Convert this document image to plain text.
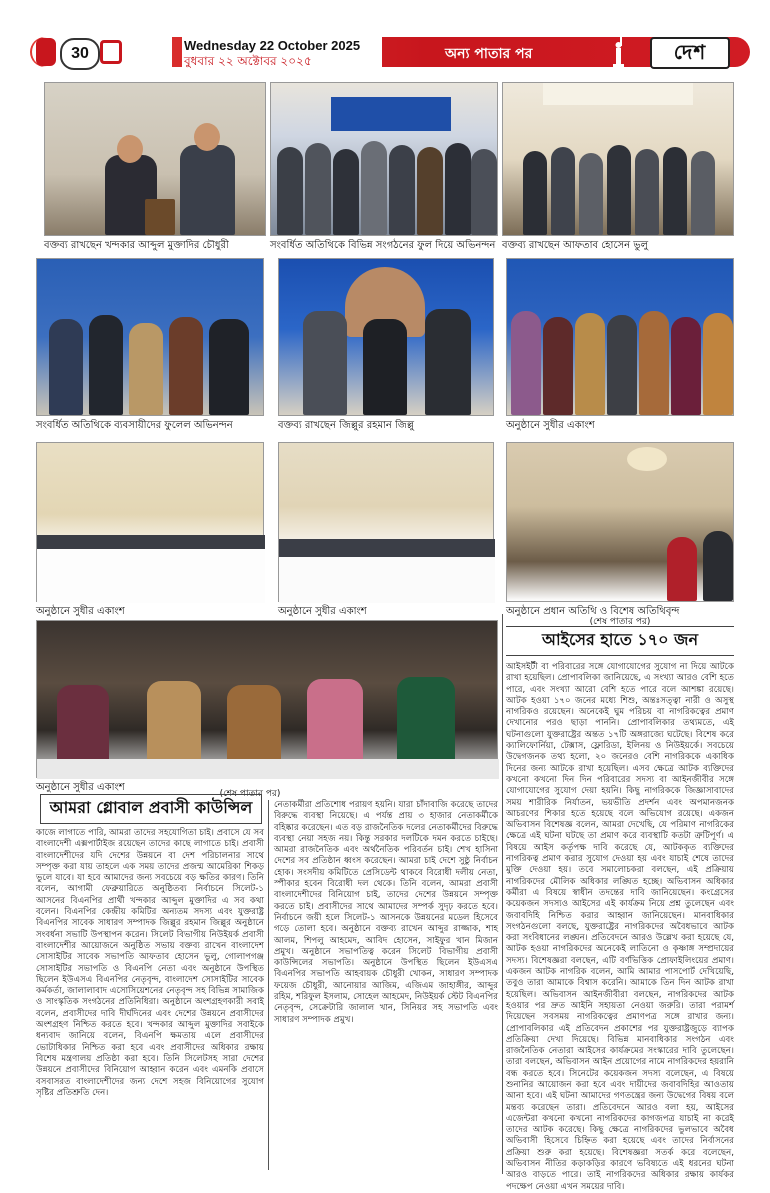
30	Wednesday 22 October 2025
বুধবার ২২ অক্টোবর ২০২৫	অন্য পাতার পর	দেশ
বক্তব্য রাখছেন খন্দকার আব্দুল মুক্তাদির চৌধুরী	সংবর্ধিত অতিথিকে বিভিন্ন সংগঠনের ফুল দিয়ে অভিনন্দন বক্তব্য রাখছেন আফতাব হোসেন ভুলু
সংবর্ধিত অতিথিকে ব্যবসায়ীদের ফুলেল অভিনন্দন	বক্তব্য রাখছেন জিল্লুর রহমান জিল্লু	অনুষ্ঠানে সুধীর একাংশ
অনুষ্ঠানে সুধীর একাংশ	অনুষ্ঠানে সুধীর একাংশ	অনুষ্ঠানে প্রধান অতিথি ও বিশেষ অতিথিবৃন্দ
অনুষ্ঠানে সুধীর একাংশ
(শেষ পাতার পর)
আইসের হাতে ১৭০ জন
আইসইর্টী বা পরিবারের সঙ্গে যোগাযোগের সুযোগ না দিয়ে আটকে রাখা হয়েছিল। প্রোপাবলিকা জানিয়েছে, এ সংখ্যা আরও বেশি হতে পারে, এবং সংখ্যা আরো বেশি হতে পারে বলে আশঙ্কা রয়েছে। আটক হওয়া ১৭০ জনের মধ্যে শিশু, অন্তঃসত্ত্বা নারী ও অসুস্থ নাগরিকও রয়েছেন। অনেকেই ঘুম পরিচয় বা নাগরিকত্বের প্রমাণ দেখানোর পরও ছাড়া পাননি। প্রোপাবলিকার তথ্যমতে, এই ঘটনাগুলো যুক্তরাষ্ট্রের অন্তত ১৭টি অঙ্গরাজ্যে ঘটেছে। বিশেষ করে ক্যালিফোর্নিয়া, টেক্সাস, ফ্লোরিডা, ইলিনয় ও নিউইয়র্কে। সবচেয়ে উদ্বেগজনক তথ্য হলো, ২০ জনেরও বেশি নাগরিককে একাধিক দিনের জন্য আটকে রাখা হয়েছিল। এসব ক্ষেত্রে আটক ব্যক্তিদের কখনো কখনো দিন দিন পরিবারের সদস্য বা আইনজীবীর সঙ্গে যোগাযোগের সুযোগ দেয়া হয়নি। কিছু নাগরিককে জিজ্ঞাসাবাদের সময় শারীরিক নির্যাতন, ভয়ভীতি প্রদর্শন এবং অপমানজনক আচরণের শিকার হতে হয়েছে বলে অভিযোগ রয়েছে। একজন অভিবাসন বিশেষজ্ঞ বলেন, আমরা দেখেছি, যে পরিমাণ নাগরিকের ক্ষেত্রে এই ঘটনা ঘটছে তা প্রমাণ করে ব্যবস্থাটি কতটা ত্রুটিপূর্ণ। এ বিষয়ে আইস কর্তৃপক্ষ দাবি করেছে যে, আটককৃত ব্যক্তিদের নাগরিকত্ব প্রমাণ করার সুযোগ দেওয়া হয় এবং যাচাই শেষে তাদের মুক্তি দেওয়া হয়। তবে সমালোচকরা বলছেন, এই প্রক্রিয়ায় নাগরিকদের মৌলিক অধিকার লঙ্ঘিত হচ্ছে। অভিবাসন অধিকার কর্মীরা এ বিষয়ে স্বাধীন তদন্তের দাবি জানিয়েছেন। কংগ্রেসের কয়েকজন সদস্যও আইসের এই কার্যক্রম নিয়ে প্রশ্ন তুলেছেন এবং জবাবদিহি নিশ্চিত করার আহ্বান জানিয়েছেন। মানবাধিকার সংগঠনগুলো বলছে, যুক্তরাষ্ট্রের নাগরিকদের অবৈধভাবে আটক করা সংবিধানের লঙ্ঘন। প্রতিবেদনে আরও উল্লেখ করা হয়েছে যে, আটক হওয়া নাগরিকদের অনেকেই লাতিনো ও কৃষ্ণাঙ্গ সম্প্রদায়ের সদস্য। বিশেষজ্ঞরা বলছেন, এটি বর্ণভিত্তিক প্রোফাইলিংয়ের প্রমাণ। একজন আটক নাগরিক বলেন, আমি আমার পাসপোর্ট দেখিয়েছি, তবুও তারা আমাকে বিশ্বাস করেনি। আমাকে তিন দিন আটক রাখা হয়েছিল। অভিবাসন আইনজীবীরা বলছেন, নাগরিকদের আটক হওয়ার পর দ্রুত আইনি সহায়তা নেওয়া জরুরি। তারা পরামর্শ দিয়েছেন সবসময় নাগরিকত্বের প্রমাণপত্র সঙ্গে রাখার জন্য। প্রোপাবলিকার এই প্রতিবেদন প্রকাশের পর যুক্তরাষ্ট্রজুড়ে ব্যাপক প্রতিক্রিয়া দেখা দিয়েছে। বিভিন্ন মানবাধিকার সংগঠন এবং রাজনৈতিক নেতারা আইসের কার্যক্রমের সংস্কারের দাবি তুলেছেন। তারা বলছেন, অভিবাসন আইন প্রয়োগের নামে নাগরিকদের হয়রানি বন্ধ করতে হবে। সিনেটের কয়েকজন সদস্য বলেছেন, এ বিষয়ে শুনানির আয়োজন করা হবে এবং দায়ীদের জবাবদিহির আওতায় আনা হবে। এই ঘটনা আমাদের গণতন্ত্রের জন্য উদ্বেগের বিষয় বলে মন্তব্য করেছেন তারা। প্রতিবেদনে আরও বলা হয়, আইসের এজেন্টরা কখনো কখনো নাগরিকদের কাগজপত্র যাচাই না করেই তাদের আটক করেছে। কিছু ক্ষেত্রে নাগরিকদের ভুলভাবে অবৈধ অভিবাসী হিসেবে চিহ্নিত করা হয়েছে এবং তাদের নির্বাসনের প্রক্রিয়া শুরু করা হয়েছে। বিশেষজ্ঞরা সতর্ক করে বলেছেন, অভিবাসন নীতির কড়াকড়ির কারণে ভবিষ্যতে এই ধরনের ঘটনা আরও বাড়তে পারে। তাই নাগরিকদের অধিকার রক্ষায় কার্যকর পদক্ষেপ নেওয়া এখন সময়ের দাবি।
(শেষ পাতার পর)
আমরা গ্লোবাল প্রবাসী কাউন্সিল
কাজে লাগাতে পারি, আমরা তাদের সহযোগিতা চাই। প্রবাসে যে সব বাংলাদেশী এক্সপার্টাইজ রয়েছেন তাদের কাছে লাগাতে চাই। প্রবাসী বাংলাদেশীদের যদি দেশের উন্নয়নে বা দেশ পরিচালনার সাথে সম্পৃক্ত করা যায় তাহলে এক সময় তাদের প্রজন্ম আমেরিকা শিকড় ভুলে যাবে। যা হবে আমাদের জন্য সবচেয়ে বড় ক্ষতির কারণ। তিনি বলেন, আগামী ফেব্রুয়ারিতে অনুষ্ঠিতব্য নির্বাচনে সিলেট-১ আসনের বিএনপির প্রার্থী খন্দকার আব্দুল মুক্তাদির এ সব কথা বলেন। বিএনপির কেন্দ্রীয় কমিটির অন্যতম সদস্য এবং যুক্তরাষ্ট্র বিএনপির সাবেক সাধারণ সম্পাদক জিল্লুর রহমান জিল্লুর অনুষ্ঠানে সংবর্ধনা সভাটি উপস্থাপন করেন। সিলেট বিভাগীয় নিউইয়র্ক প্রবাসী বাংলাদেশীর আয়োজনে অনুষ্ঠিত সভায় বক্তব্য রাখেন বাংলাদেশ সোসাইটির সাবেক সভাপতি আফতাব হোসেন ভুলু, গোলাপগঞ্জ সোসাইটির সভাপতি ও বিএনপি নেতা এবং অনুষ্ঠানে উপস্থিত ছিলেন ইউএসএ বিএনপির নেতৃবৃন্দ, বাংলাদেশ সোসাইটির সাবেক কর্মকর্তা, জালালাবাদ এসোসিয়েশনের নেতৃবৃন্দ সহ বিভিন্ন সামাজিক ও সাংস্কৃতিক সংগঠনের প্রতিনিধিরা। অনুষ্ঠানে অংশগ্রহণকারী সবাই বলেন, প্রবাসীদের দাবি দীর্ঘদিনের এবং দেশের উন্নয়নে প্রবাসীদের অংশগ্রহণ নিশ্চিত করতে হবে। খন্দকার আব্দুল মুক্তাদির সবাইকে ধন্যবাদ জানিয়ে বলেন, বিএনপি ক্ষমতায় এলে প্রবাসীদের ভোটাধিকার নিশ্চিত করা হবে এবং প্রবাসীদের অধিকার রক্ষায় বিশেষ মন্ত্রণালয় প্রতিষ্ঠা করা হবে। তিনি সিলেটসহ সারা দেশের উন্নয়নে প্রবাসীদের বিনিয়োগ আহ্বান করেন এবং এমনকি প্রবাসে বসবাসরত বাংলাদেশীদের জন্য দেশে সহজ বিনিয়োগের সুযোগ সৃষ্টির প্রতিশ্রুতি দেন।
নেতাকর্মীরা প্রতিশোধ পরায়ণ হয়নি। যারা চাঁদাবাজি করেছে তাদের বিরুদ্ধে ব্যবস্থা নিয়েছে। এ পর্যন্ত প্রায় ৩ হাজার নেতাকর্মীকে বহিষ্কার করেছেন। এত বড় রাজনৈতিক দলের নেতাকর্মীদের বিরুদ্ধে ব্যবস্থা নেয়া সহজ নয়। কিন্তু সরকার দলটিকে দমন করতে চাইছে। আমরা রাজনৈতিক এবং অর্থনৈতিক পরিবর্তন চাই। শেখ হাসিনা দেশের সব প্রতিষ্ঠান ধ্বংস করেছেন। আমরা চাই দেশে সুষ্ঠু নির্বাচন হোক। সংসদীয় কমিটিতে প্রেসিডেন্ট থাকবে বিরোধী দলীয় নেতা, স্পীকার হবেন বিরোধী দল থেকে। তিনি বলেন, আমরা প্রবাসী বাংলাদেশীদের বিনিয়োগ চাই, তাদের দেশের উন্নয়নে সম্পৃক্ত করতে চাই। প্রবাসীদের সাথে আমাদের সম্পর্ক সুদৃঢ় করতে হবে। নির্বাচনে জয়ী হলে সিলেট-১ আসনকে উন্নয়নের মডেল হিসেবে গড়ে তোলা হবে। অনুষ্ঠানে বক্তব্য রাখেন আব্দুর রাজ্জাক, শাহ আলম, শিপলু আহমেদ, আবিদ হোসেন, সাইফুর খান মিজান প্রমুখ। অনুষ্ঠানে সভাপতিত্ব করেন সিলেট বিভাগীয় প্রবাসী কাউন্সিলের সভাপতি। অনুষ্ঠানে উপস্থিত ছিলেন ইউএসএ বিএনপির সভাপতি আহবায়ক চৌধুরী খোকন, সাধারণ সম্পাদক ফয়েজ চৌধুরী, আনোয়ার আজিম, এজিএম জাহাঙ্গীর, আব্দুর রহিম, শরিফুল ইসলাম, সোহেল আহমেদ, নিউইয়র্ক স্টেট বিএনপির নেতৃবৃন্দ, সেক্রেটারি জালাল খান, সিনিয়র সহ সভাপতি এবং সাধারণ সম্পাদক প্রমুখ।
